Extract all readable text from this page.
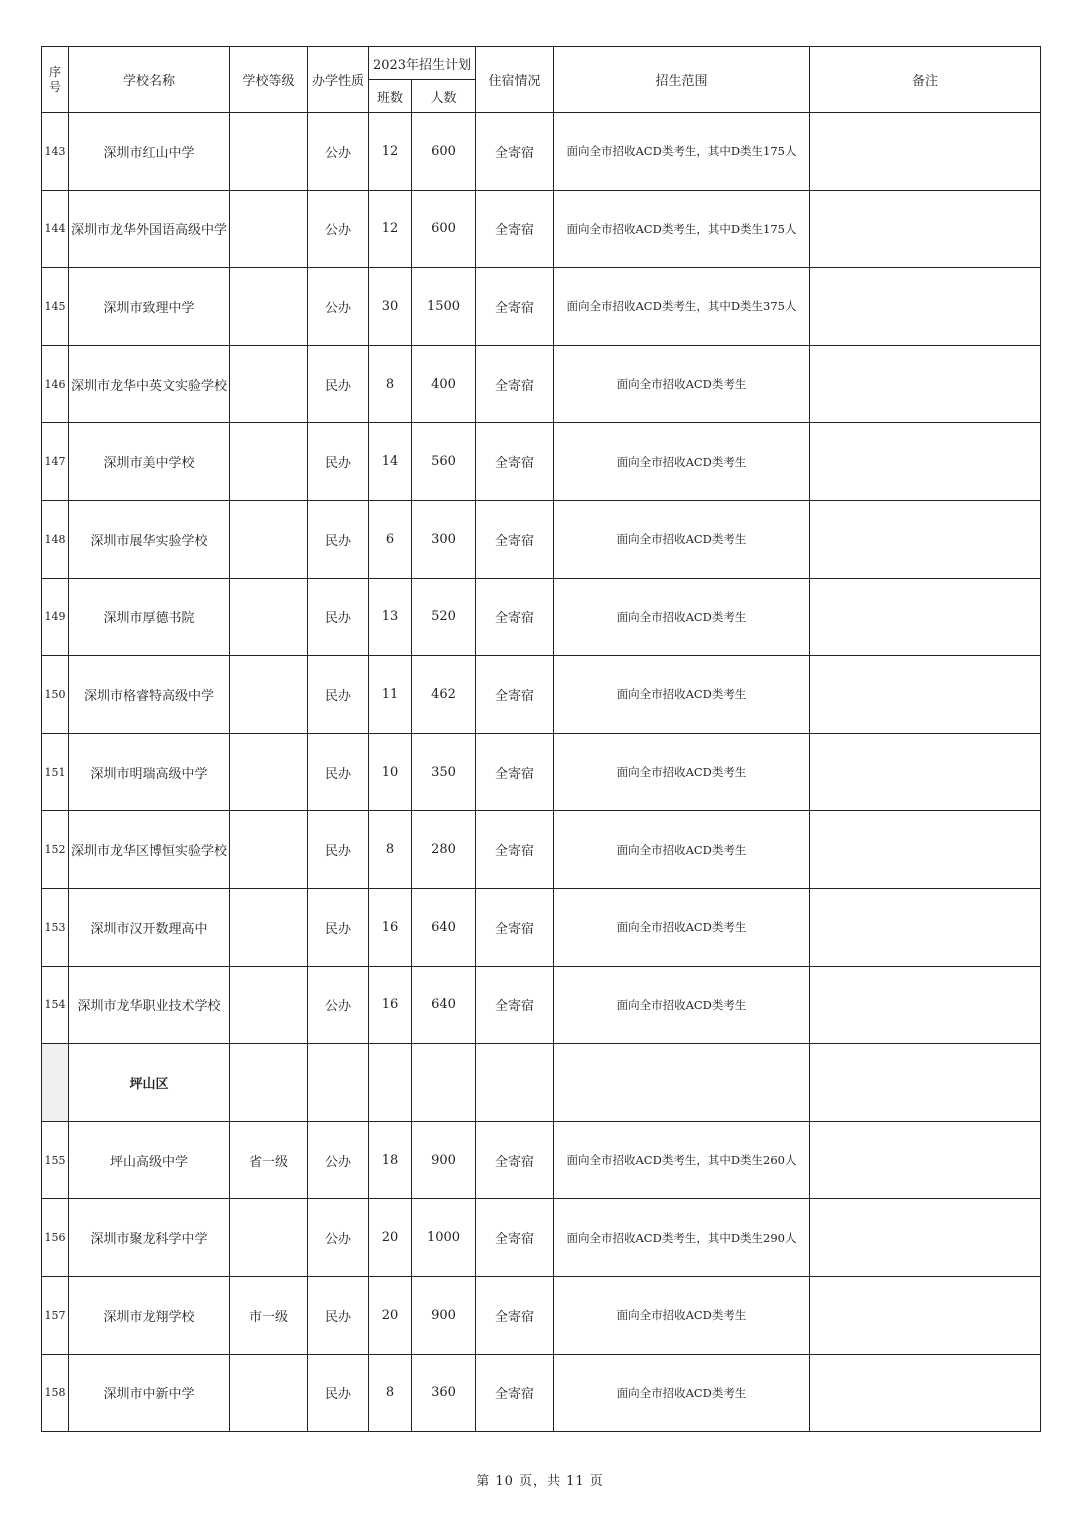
序
号	学校名称	学校等级	办学性质	2023年招生计划		住宿情况	招生范围	备注
				班数	人数			
143	深圳市红山中学		公办	12	600	全寄宿	面向全市招收ACD类考生，其中D类生175人	
144	深圳市龙华外国语高级中学		公办	12	600	全寄宿	面向全市招收ACD类考生，其中D类生175人	
145	深圳市致理中学		公办	30	1500	全寄宿	面向全市招收ACD类考生，其中D类生375人	
146	深圳市龙华中英文实验学校		民办	8	400	全寄宿	面向全市招收ACD类考生	
147	深圳市美中学校		民办	14	560	全寄宿	面向全市招收ACD类考生	
148	深圳市展华实验学校		民办	6	300	全寄宿	面向全市招收ACD类考生	
149	深圳市厚德书院		民办	13	520	全寄宿	面向全市招收ACD类考生	
150	深圳市格睿特高级中学		民办	11	462	全寄宿	面向全市招收ACD类考生	
151	深圳市明瑞高级中学		民办	10	350	全寄宿	面向全市招收ACD类考生	
152	深圳市龙华区博恒实验学校		民办	8	280	全寄宿	面向全市招收ACD类考生	
153	深圳市汉开数理高中		民办	16	640	全寄宿	面向全市招收ACD类考生	
154	深圳市龙华职业技术学校		公办	16	640	全寄宿	面向全市招收ACD类考生	
	坪山区							
155	坪山高级中学	省一级	公办	18	900	全寄宿	面向全市招收ACD类考生，其中D类生260人	
156	深圳市聚龙科学中学		公办	20	1000	全寄宿	面向全市招收ACD类考生，其中D类生290人	
157	深圳市龙翔学校	市一级	民办	20	900	全寄宿	面向全市招收ACD类考生	
158	深圳市中新中学		民办	8	360	全寄宿	面向全市招收ACD类考生	
第 10 页，共 11 页
